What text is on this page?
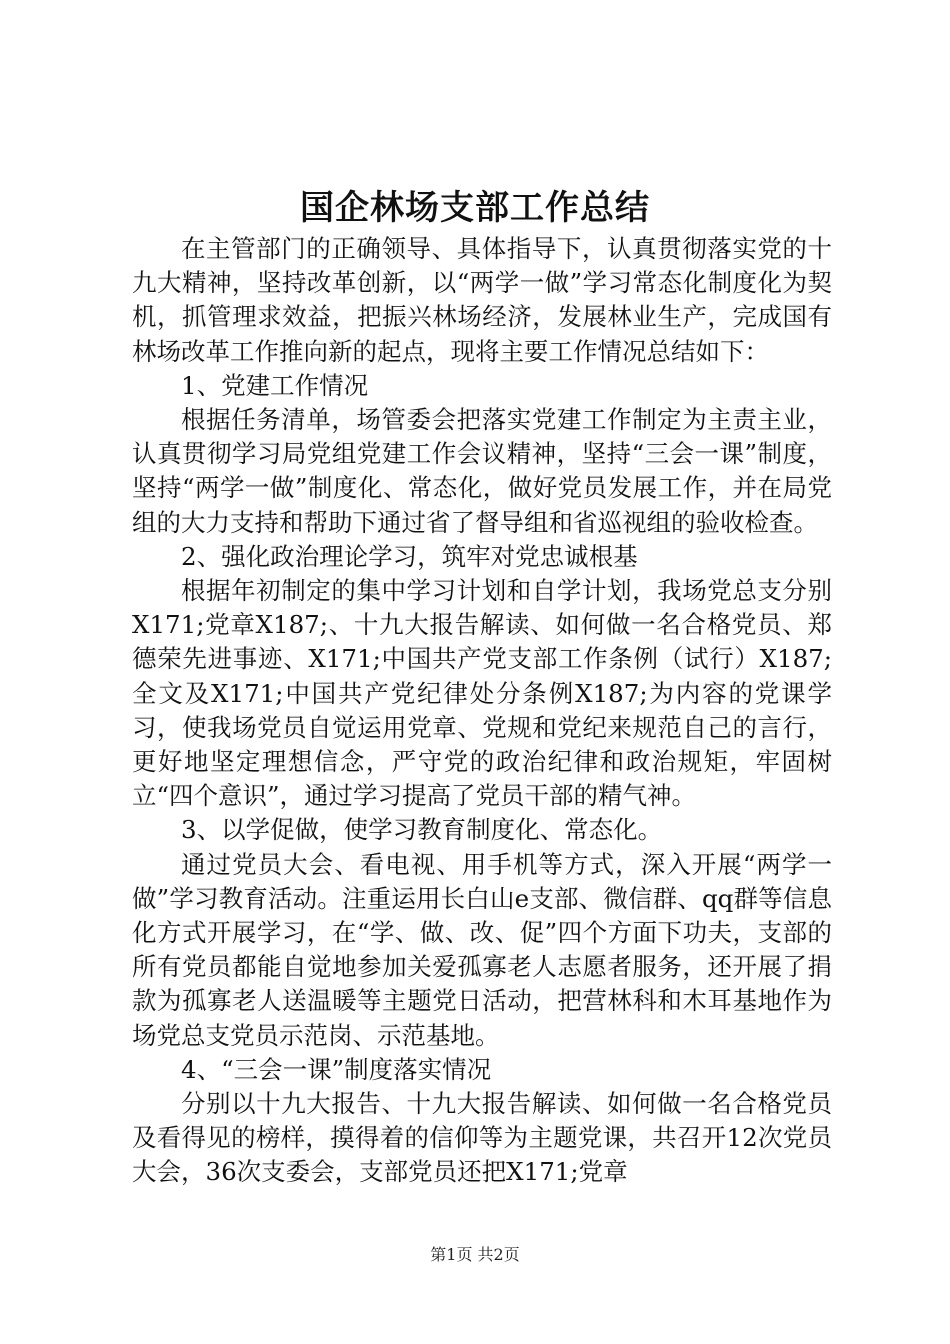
国企林场支部工作总结

在主管部门的正确领导、具体指导下，认真贯彻落实党的十九大精神，坚持改革创新，以“两学一做”学习常态化制度化为契机，抓管理求效益，把振兴林场经济，发展林业生产，完成国有林场改革工作推向新的起点，现将主要工作情况总结如下：

1、党建工作情况

根据任务清单，场管委会把落实党建工作制定为主责主业，认真贯彻学习局党组党建工作会议精神，坚持“三会一课”制度，坚持“两学一做”制度化、常态化，做好党员发展工作，并在局党组的大力支持和帮助下通过省了督导组和省巡视组的验收检查。

2、强化政治理论学习，筑牢对党忠诚根基

根据年初制定的集中学习计划和自学计划，我场党总支分别X171;党章X187;、十九大报告解读、如何做一名合格党员、郑德荣先进事迹、X171;中国共产党支部工作条例（试行）X187;全文及X171;中国共产党纪律处分条例X187;为内容的党课学习，使我场党员自觉运用党章、党规和党纪来规范自己的言行，更好地坚定理想信念，严守党的政治纪律和政治规矩，牢固树立“四个意识”，通过学习提高了党员干部的精气神。

3、以学促做，使学习教育制度化、常态化。

通过党员大会、看电视、用手机等方式，深入开展“两学一做”学习教育活动。注重运用长白山e支部、微信群、qq群等信息化方式开展学习，在“学、做、改、促”四个方面下功夫，支部的所有党员都能自觉地参加关爱孤寡老人志愿者服务，还开展了捐款为孤寡老人送温暖等主题党日活动，把营林科和木耳基地作为场党总支党员示范岗、示范基地。

4、“三会一课”制度落实情况

分别以十九大报告、十九大报告解读、如何做一名合格党员及看得见的榜样，摸得着的信仰等为主题党课，共召开12次党员大会，36次支委会，支部党员还把X171;党章

第1页 共2页
